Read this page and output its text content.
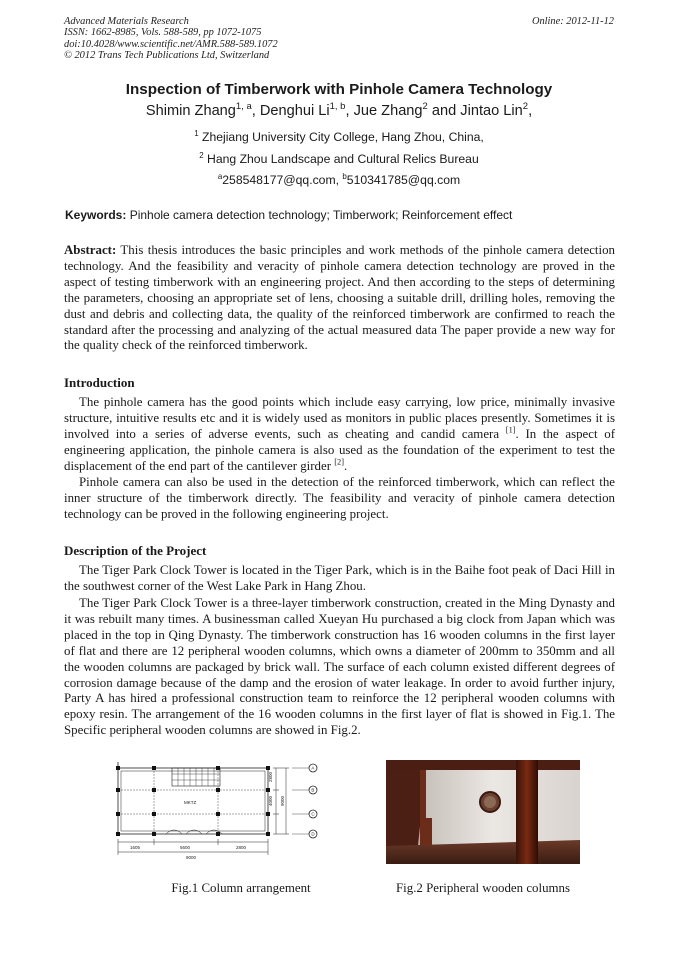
Advanced Materials Research	Online: 2012-11-12
ISSN: 1662-8985, Vols. 588-589, pp 1072-1075
doi:10.4028/www.scientific.net/AMR.588-589.1072
© 2012 Trans Tech Publications Ltd, Switzerland
Inspection of Timberwork with Pinhole Camera Technology
Shimin Zhang$^{1, a}$, Denghui Li$^{1, b}$, Jue Zhang$^2$ and Jintao Lin$^2$,
$^1$ Zhejiang University City College, Hang Zhou, China,
$^2$ Hang Zhou Landscape and Cultural Relics Bureau
$^a$258548177@qq.com, $^b$510341785@qq.com
Keywords: Pinhole camera detection technology; Timberwork; Reinforcement effect
Abstract: This thesis introduces the basic principles and work methods of the pinhole camera detection technology. And the feasibility and veracity of pinhole camera detection technology are proved in the aspect of testing timberwork with an engineering project. And then according to the steps of determining the parameters, choosing an appropriate set of lens, choosing a suitable drill, drilling holes, removing the dust and debris and collecting data, the quality of the reinforced timberwork are confirmed to reach the standard after the processing and analyzing of the actual measured data The paper provide a new way for the quality check of the reinforced timberwork.
Introduction
The pinhole camera has the good points which include easy carrying, low price, minimally invasive structure, intuitive results etc and it is widely used as monitors in public places presently. Sometimes it is involved into a series of adverse events, such as cheating and candid camera [1]. In the aspect of engineering application, the pinhole camera is also used as the foundation of the experiment to test the displacement of the end part of the cantilever girder [2].
Pinhole camera can also be used in the detection of the reinforced timberwork, which can reflect the inner structure of the timberwork directly. The feasibility and veracity of pinhole camera detection technology can be proved in the following engineering project.
Description of the Project
The Tiger Park Clock Tower is located in the Tiger Park, which is in the Baihe foot peak of Daci Hill in the southwest corner of the West Lake Park in Hang Zhou.
The Tiger Park Clock Tower is a three-layer timberwork construction, created in the Ming Dynasty and it was rebuilt many times. A businessman called Xueyan Hu purchased a big clock from Japan which was placed in the top in Qing Dynasty. The timberwork construction has 16 wooden columns in the first layer of flat and there are 12 peripheral wooden columns, which owns a diameter of 200mm to 350mm and all the wooden columns are packaged by brick wall. The surface of each column existed different degrees of corrosion damage because of the damp and the erosion of water leakage. In order to avoid further injury, Party A has hired a professional construction team to reinforce the 12 peripheral wooden columns with epoxy resin. The arrangement of the 16 wooden columns in the first layer of flat is showed in Fig.1. The Specific peripheral wooden columns are showed in Fig.2.
MKTZ
1605	5600	2800
9000
2800
4000 9000
A
B
C
D
Fig.1 Column arrangement	Fig.2 Peripheral wooden columns
